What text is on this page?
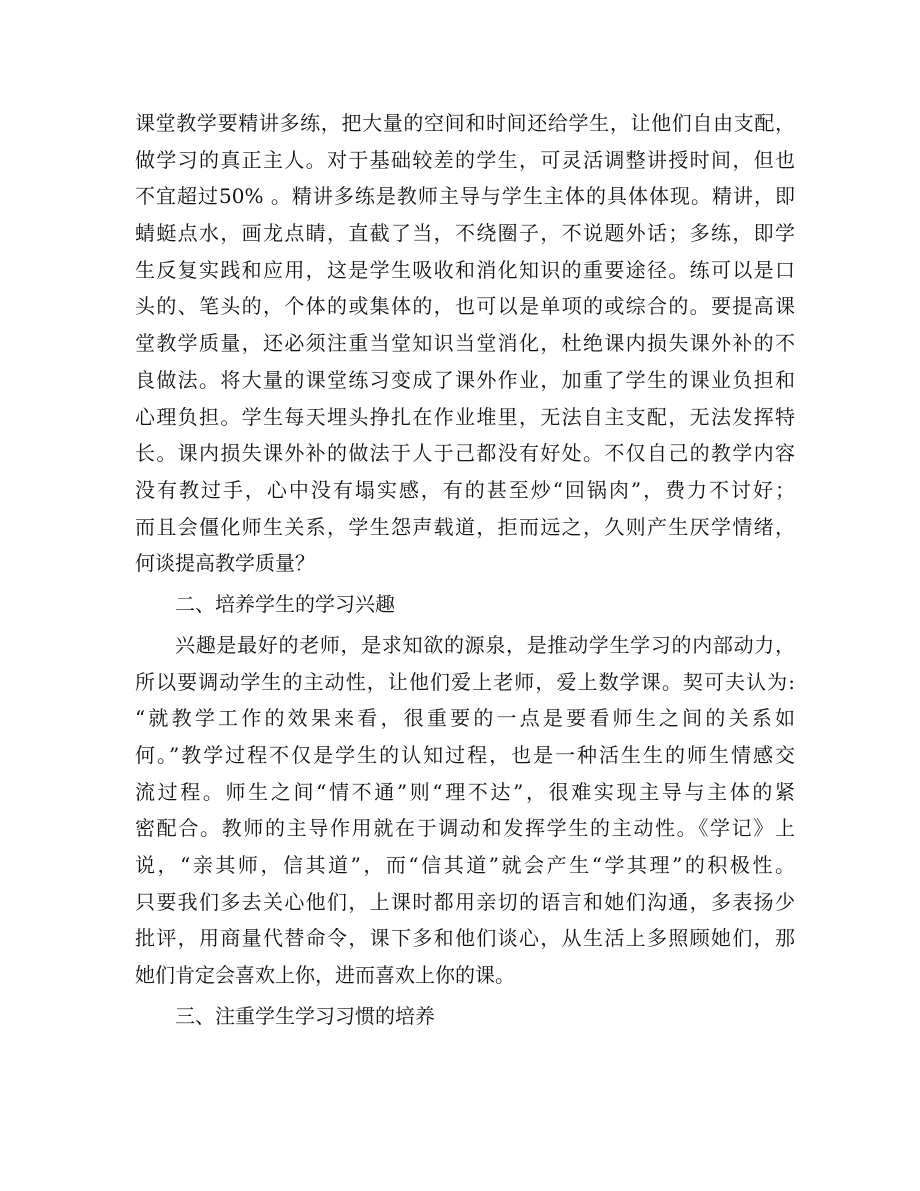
课堂教学要精讲多练，把大量的空间和时间还给学生，让他们自由支配，
做学习的真正主人。对于基础较差的学生，可灵活调整讲授时间，但也
不宜超过50% 。精讲多练是教师主导与学生主体的具体体现。精讲，即
蜻蜓点水，画龙点睛，直截了当，不绕圈子，不说题外话；多练，即学
生反复实践和应用，这是学生吸收和消化知识的重要途径。练可以是口
头的、笔头的，个体的或集体的，也可以是单项的或综合的。要提高课
堂教学质量，还必须注重当堂知识当堂消化，杜绝课内损失课外补的不
良做法。将大量的课堂练习变成了课外作业，加重了学生的课业负担和
心理负担。学生每天埋头挣扎在作业堆里，无法自主支配，无法发挥特
长。课内损失课外补的做法于人于己都没有好处。不仅自己的教学内容
没有教过手，心中没有塌实感，有的甚至炒“回锅肉”，费力不讨好；
而且会僵化师生关系，学生怨声载道，拒而远之，久则产生厌学情绪，
何谈提高教学质量？
二、培养学生的学习兴趣
兴趣是最好的老师，是求知欲的源泉，是推动学生学习的内部动力，
所以要调动学生的主动性，让他们爱上老师，爱上数学课。契可夫认为:
“就教学工作的效果来看，很重要的一点是要看师生之间的关系如
何。”教学过程不仅是学生的认知过程，也是一种活生生的师生情感交
流过程。师生之间“情不通”则“理不达”，很难实现主导与主体的紧
密配合。教师的主导作用就在于调动和发挥学生的主动性。《学记》上
说，“亲其师，信其道”，而“信其道”就会产生“学其理”的积极性。
只要我们多去关心他们，上课时都用亲切的语言和她们沟通，多表扬少
批评，用商量代替命令，课下多和他们谈心，从生活上多照顾她们，那
她们肯定会喜欢上你，进而喜欢上你的课。
三、注重学生学习习惯的培养
